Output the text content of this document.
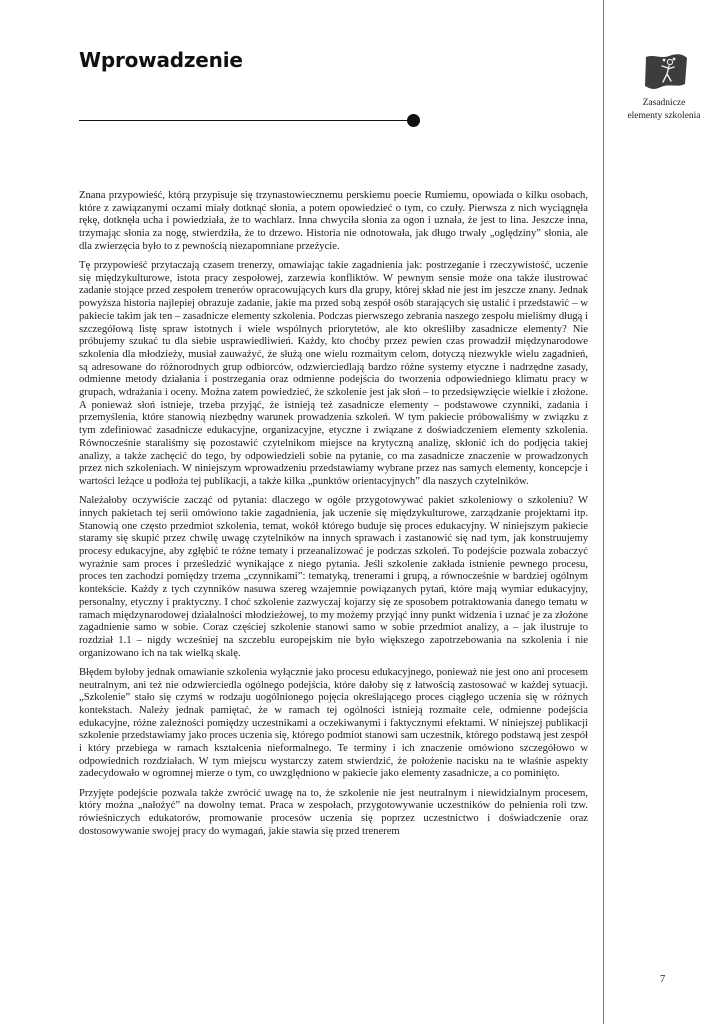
Wprowadzenie
Zasadnicze
elementy szkolenia

Znana przypowieść, którą przypisuje się trzynastowiecznemu perskiemu poecie Rumiemu, opowiada o kilku osobach, które z zawiązanymi oczami miały dotknąć słonia, a potem opowiedzieć o tym, co czuły. Pierwsza z nich wyciągnęła rękę, dotknęła ucha i powiedziała, że to wachlarz. Inna chwyciła słonia za ogon i uznała, że jest to lina. Jeszcze inna, trzymając słonia za nogę, stwierdziła, że to drzewo. Historia nie odnotowała, jak długo trwały „oględziny” słonia, ale dla zwierzęcia było to z pewnością niezapomniane przeżycie.

Tę przypowieść przytaczają czasem trenerzy, omawiając takie zagadnienia jak: postrzeganie i rzeczywistość, uczenie się międzykulturowe, istota pracy zespołowej, zarzewia konfliktów. W pewnym sensie może ona także ilustrować zadanie stojące przed zespołem trenerów opracowujących kurs dla grupy, której skład nie jest im jeszcze znany. Jednak powyższa historia najlepiej obrazuje zadanie, jakie ma przed sobą zespół osób starających się ustalić i przedstawić – w pakiecie takim jak ten – zasadnicze elementy szkolenia. Podczas pierwszego zebrania naszego zespołu mieliśmy długą i szczegółową listę spraw istotnych i wiele wspólnych priorytetów, ale kto określiłby zasadnicze elementy? Nie próbujemy szukać tu dla siebie usprawiedliwień. Każdy, kto choćby przez pewien czas prowadził międzynarodowe szkolenia dla młodzieży, musiał zauważyć, że służą one wielu rozmaitym celom, dotyczą niezwykle wielu zagadnień, są adresowane do różnorodnych grup odbiorców, odzwierciedlają bardzo różne systemy etyczne i nadrzędne zasady, odmienne metody działania i postrzegania oraz odmienne podejścia do tworzenia odpowiedniego klimatu pracy w grupach, wdrażania i oceny. Można zatem powiedzieć, że szkolenie jest jak słoń – to przedsięwzięcie wielkie i złożone. A ponieważ słoń istnieje, trzeba przyjąć, że istnieją też zasadnicze elementy – podstawowe czynniki, zadania i przemyślenia, które stanowią niezbędny warunek prowadzenia szkoleń. W tym pakiecie próbowaliśmy w związku z tym zdefiniować zasadnicze edukacyjne, organizacyjne, etyczne i związane z doświadczeniem elementy szkolenia. Równocześnie staraliśmy się pozostawić czytelnikom miejsce na krytyczną analizę, skłonić ich do podjęcia takiej analizy, a także zachęcić do tego, by odpowiedzieli sobie na pytanie, co ma zasadnicze znaczenie w prowadzonych przez nich szkoleniach. W niniejszym wprowadzeniu przedstawiamy wybrane przez nas samych elementy, koncepcje i wartości leżące u podłoża tej publikacji, a także kilka „punktów orientacyjnych” dla naszych czytelników.

Należałoby oczywiście zacząć od pytania: dlaczego w ogóle przygotowywać pakiet szkoleniowy o szkoleniu? W innych pakietach tej serii omówiono takie zagadnienia, jak uczenie się międzykulturowe, zarządzanie projektami itp. Stanowią one często przedmiot szkolenia, temat, wokół którego buduje się proces edukacyjny. W niniejszym pakiecie staramy się skupić przez chwilę uwagę czytelników na innych sprawach i zastanowić się nad tym, jak konstruujemy procesy edukacyjne, aby zgłębić te różne tematy i przeanalizować je podczas szkoleń. To podejście pozwala zobaczyć wyraźnie sam proces i prześledzić wynikające z niego pytania. Jeśli szkolenie zakłada istnienie pewnego procesu, proces ten zachodzi pomiędzy trzema „czynnikami”: tematyką, trenerami i grupą, a równocześnie w bardziej ogólnym kontekście. Każdy z tych czynników nasuwa szereg wzajemnie powiązanych pytań, które mają wymiar edukacyjny, personalny, etyczny i praktyczny. I choć szkolenie zazwyczaj kojarzy się ze sposobem potraktowania danego tematu w ramach międzynarodowej działalności młodzieżowej, to my możemy przyjąć inny punkt widzenia i uznać je za złożone zagadnienie samo w sobie. Coraz częściej szkolenie stanowi samo w sobie przedmiot analizy, a – jak ilustruje to rozdział 1.1 – nigdy wcześniej na szczeblu europejskim nie było większego zapotrzebowania na szkolenia i nie organizowano ich na tak wielką skalę.

Błędem byłoby jednak omawianie szkolenia wyłącznie jako procesu edukacyjnego, ponieważ nie jest ono ani procesem neutralnym, ani też nie odzwierciedla ogólnego podejścia, które dałoby się z łatwością zastosować w każdej sytuacji. „Szkolenie” stało się czymś w rodzaju uogólnionego pojęcia określającego proces ciągłego uczenia się w różnych kontekstach. Należy jednak pamiętać, że w ramach tej ogólności istnieją rozmaite cele, odmienne podejścia edukacyjne, różne zależności pomiędzy uczestnikami a oczekiwanymi i faktycznymi efektami. W niniejszej publikacji szkolenie przedstawiamy jako proces uczenia się, którego podmiot stanowi sam uczestnik, którego podstawą jest zespół i który przebiega w ramach kształcenia nieformalnego. Te terminy i ich znaczenie omówiono szczegółowo w odpowiednich rozdziałach. W tym miejscu wystarczy zatem stwierdzić, że położenie nacisku na te właśnie aspekty zadecydowało w ogromnej mierze o tym, co uwzględniono w pakiecie jako elementy zasadnicze, a co pominięto.

Przyjęte podejście pozwala także zwrócić uwagę na to, że szkolenie nie jest neutralnym i niewidzialnym procesem, który można „nałożyć” na dowolny temat. Praca w zespołach, przygotowywanie uczestników do pełnienia roli tzw. rówieśniczych edukatorów, promowanie procesów uczenia się poprzez uczestnictwo i doświadczenie oraz dostosowywanie swojej pracy do wymagań, jakie stawia się przed trenerem

7
